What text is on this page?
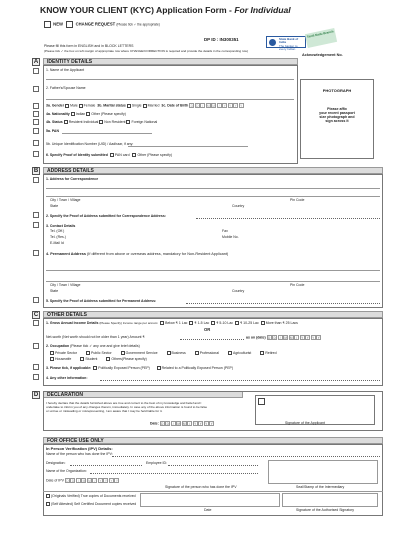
KNOW YOUR CLIENT (KYC) Application Form - For Individual
NEW	CHANGE REQUEST (Please tick ✓ the appropriate)
DP ID : IN300351	State Bank of India
The banker to every Indian
Tamil Nadu Branch
Please fill this form in ENGLISH and in BLOCK LETTERS
(Please tick ✓ the box on left margin of appropriate row where CHANGE/CORRECTION is required and provide the details in the corresponding row)
Acknowledgement No.
A	IDENTITY DETAILS
1. Name of the Applicant
2. Father's/Spouse Name
3a. Gender Male Female 3b. Marital status Single Married 3c. Date of Birth D D / M M / Y Y Y Y
4a. Nationality Indian Other (Please specify)
4b. Status Resident Individual Non Resident Foreign National
5a. PAN
5b. Unique Identification Number (UID) / Aadhaar, if any:
6. Specify Proof of Identity submitted PAN card Other (Please specify)
PHOTOGRAPH
Please affix
your recent passport
size photograph and
sign across it
B	ADDRESS DETAILS
1. Address for Correspondence
City / Town / Village	Pin Code
State	Country
2. Specify the Proof of Address submitted for Correspondence Address:
3. Contact Details
Tel. (Off.)
Tel. (Res.)
E-Mail Id
Fax
Mobile No.
4. Permanent Address (If different from above or overseas address, mandatory for Non-Resident Applicant)
City / Town / Village	Pin Code
State	Country
5. Specify the Proof of Address submitted for Permanent Address:
C	OTHER DETAILS
1. Gross Annual Income Details (Please Specify) Income range per annum: Below ₹ 1 Lac ₹ 1-5 Lac ₹ 5-10 Lac ₹ 10-25 Lac More than ₹ 25 Lacs
OR
Net-worth (Net worth should not be older than 1 year) Amount ₹	as on (date) D D / M M / Y Y Y Y
2. Occupation (Please tick ✓ any one and give brief details)
Private Sector	Public Sector	Government Service	Business	Professional	Agriculturist	Retired
Housewife	Student	Others(Please specify)
3. Please tick, if applicable: Politically Exposed Person (PEP)	Related to a Politically Exposed Person (PEP)
4. Any other information:
D	DECLARATION
I hereby declare that the details furnished above are true and correct to the best of my knowledge and belief and I
undertake to inform you of any changes therein, immediately. In case any of the above information is found to be false
or untrue or misleading or misrepresenting, I am aware that I may be held liable for it.
Date: D D / M M / Y Y Y Y	Signature of the Applicant
FOR OFFICE USE ONLY
In Person Verification (IPV) Details:
Name of the person who has done the IPV:
Designation:	Employee ID:
Name of the Organization:
Date of IPV D D / M M / Y Y Y Y
Signature of the person who has done the IPV	Seal/Stamp of the Intermediary
(Originals Verified) True copies of Documents received
(Self Attested) Self Certified Document copies received
Date	Signature of the Authorised Signatory
